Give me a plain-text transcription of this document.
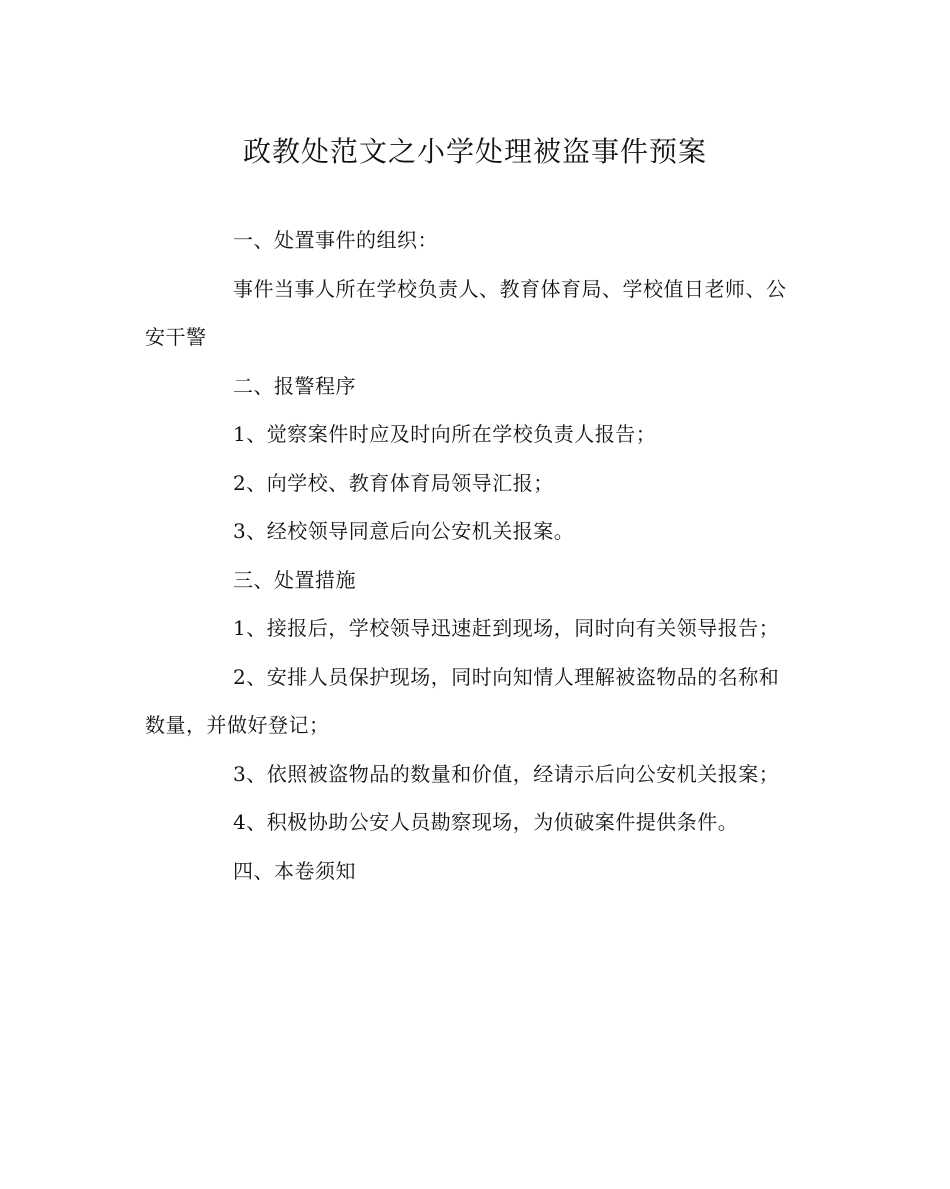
政教处范文之小学处理被盗事件预案

一、处置事件的组织：

事件当事人所在学校负责人、教育体育局、学校值日老师、公安干警

二、报警程序

1、觉察案件时应及时向所在学校负责人报告；

2、向学校、教育体育局领导汇报；

3、经校领导同意后向公安机关报案。

三、处置措施

1、接报后，学校领导迅速赶到现场，同时向有关领导报告；

2、安排人员保护现场，同时向知情人理解被盗物品的名称和数量，并做好登记；

3、依照被盗物品的数量和价值，经请示后向公安机关报案；

4、积极协助公安人员勘察现场，为侦破案件提供条件。

四、本卷须知
